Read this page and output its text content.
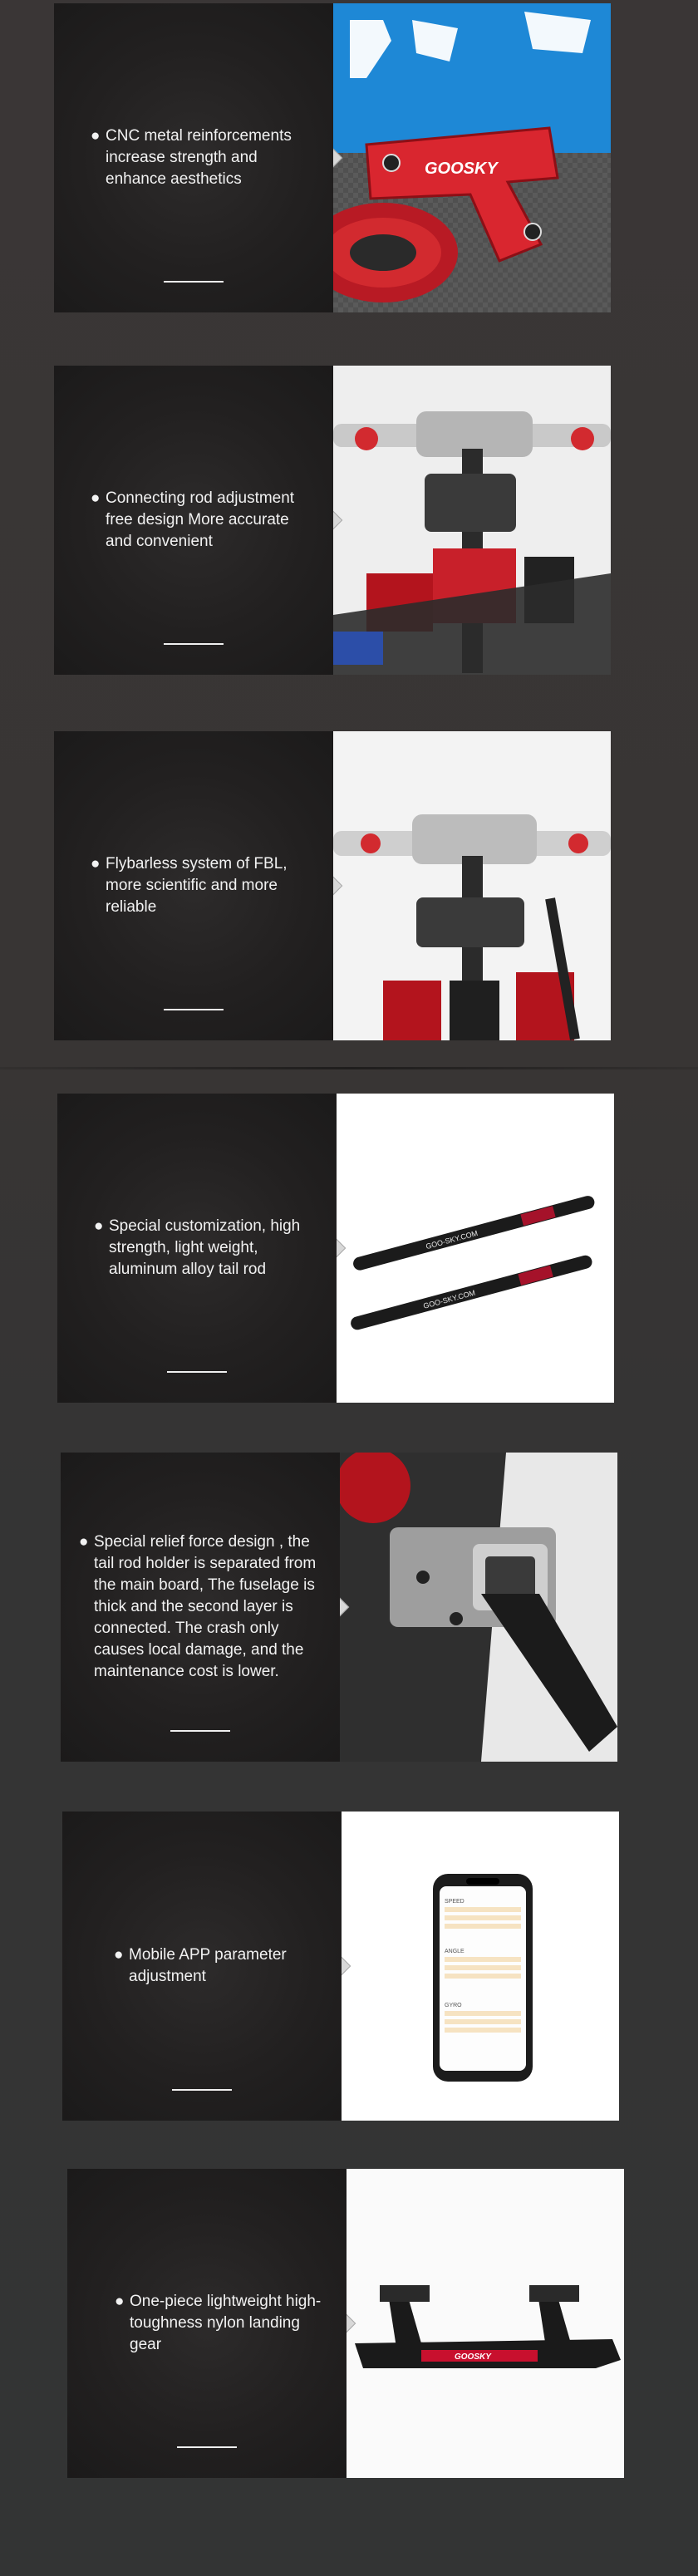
● CNC metal reinforcements increase strength and enhance aesthetics
GOOSKY
● Connecting rod adjustment free design More accurate and convenient
● Flybarless system of FBL, more scientific and more reliable
● Special customization, high strength, light weight, aluminum alloy tail rod
GOO-SKY.COM
GOO-SKY.COM
● Special relief force design , the tail rod holder is separated from the main board, The fuselage is thick and the second layer is connected. The crash only causes local damage, and the maintenance cost is lower.
● Mobile APP parameter adjustment
SPEED
ANGLE
GYRO
● One-piece lightweight high-toughness nylon landing gear
GOOSKY
